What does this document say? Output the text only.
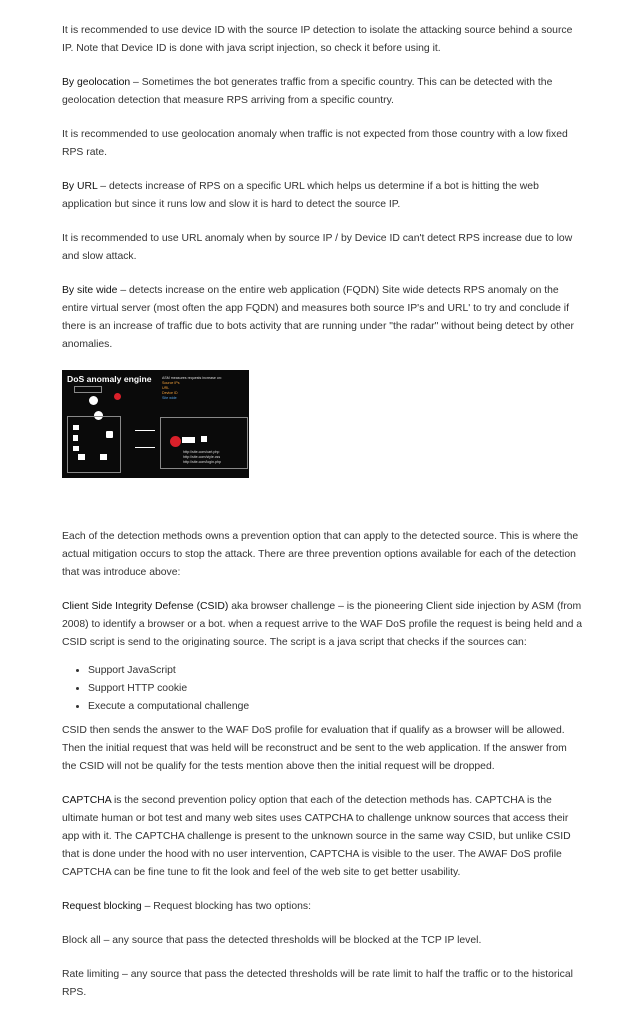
It is recommended to use device ID with the source IP detection to isolate the attacking source behind a source IP. Note that Device ID is done with java script injection, so check it before using it.

By geolocation – Sometimes the bot generates traffic from a specific country. This can be detected with the geolocation detection that measure RPS arriving from a specific country.

It is recommended to use geolocation anomaly when traffic is not expected from those country with a low fixed RPS rate.

By URL – detects increase of RPS on a specific URL which helps us determine if a bot is hitting the web application but since it runs low and slow it is hard to detect the source IP.

It is recommended to use URL anomaly when by source IP / by Device ID can't detect RPS increase due to low and slow attack.

By site wide – detects increase on the entire web application (FQDN) Site wide detects RPS anomaly on the entire virtual server (most often the app FQDN) and measures both source IP's and URL' to try and conclude if there is an increase of traffic due to bots activity that are running under "the radar" without being detect by other anomalies.

DoS anomaly engine	ASM measures requests increase on:
Source IPs
URL
Device ID
Site wide
http://site.com/cart.php
http://site.com/style.css
http://site.com/login.php

Each of the detection methods owns a prevention option that can apply to the detected source. This is where the actual mitigation occurs to stop the attack. There are three prevention options available for each of the detection that was introduce above:

Client Side Integrity Defense (CSID) aka browser challenge – is the pioneering Client side injection by ASM (from 2008) to identify a browser or a bot. when a request arrive to the WAF DoS profile the request is being held and a CSID script is send to the originating source. The script is a java script that checks if the sources can:

• Support JavaScript
• Support HTTP cookie
• Execute a computational challenge

CSID then sends the answer to the WAF DoS profile for evaluation that if qualify as a browser will be allowed. Then the initial request that was held will be reconstruct and be sent to the web application. If the answer from the CSID will not be qualify for the tests mention above then the initial request will be dropped.

CAPTCHA is the second prevention policy option that each of the detection methods has. CAPTCHA is the ultimate human or bot test and many web sites uses CATPCHA to challenge unknow sources that access their app with it. The CAPTCHA challenge is present to the unknown source in the same way CSID, but unlike CSID that is done under the hood with no user intervention, CAPTCHA is visible to the user. The AWAF DoS profile CAPTCHA can be fine tune to fit the look and feel of the web site to get better usability.

Request blocking – Request blocking has two options:

Block all – any source that pass the detected thresholds will be blocked at the TCP IP level.

Rate limiting – any source that pass the detected thresholds will be rate limit to half the traffic or to the historical RPS.
